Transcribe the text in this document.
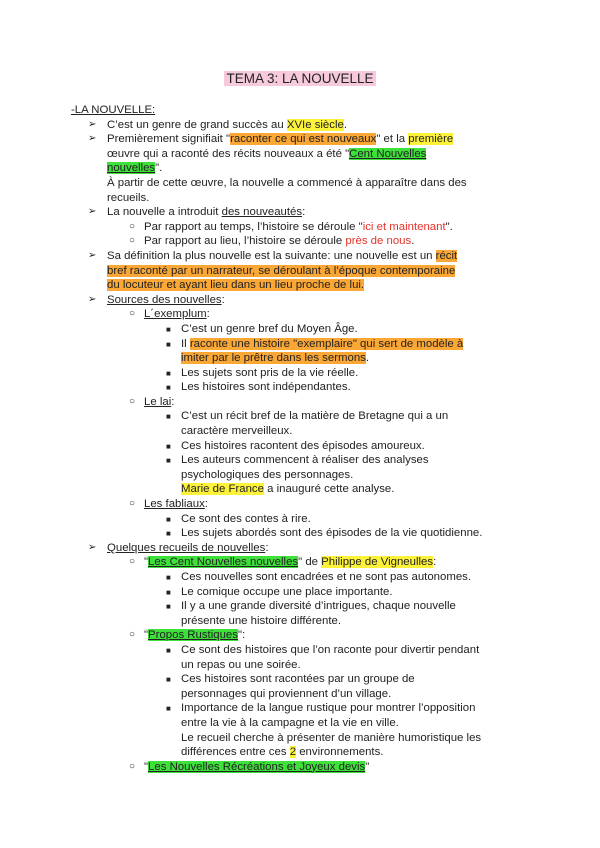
TEMA 3: LA NOUVELLE
-LA NOUVELLE:
➢ C’est un genre de grand succès au XVIe siècle.
➢ Premièrement signifiait "raconter ce qui est nouveaux" et la première
œuvre qui a raconté des récits nouveaux a été "Cent Nouvelles
nouvelles".
À partir de cette œuvre, la nouvelle a commencé à apparaître dans des
recueils.
➢ La nouvelle a introduit des nouveautés:
○ Par rapport au temps, l’histoire se déroule "ici et maintenant".
○ Par rapport au lieu, l’histoire se déroule près de nous.
➢ Sa définition la plus nouvelle est la suivante: une nouvelle est un récit
bref raconté par un narrateur, se déroulant à l’époque contemporaine
du locuteur et ayant lieu dans un lieu proche de lui.
➢ Sources des nouvelles:
○ L´exemplum:
■ C’est un genre bref du Moyen Âge.
■ Il raconte une histoire "exemplaire" qui sert de modèle à
imiter par le prêtre dans les sermons.
■ Les sujets sont pris de la vie réelle.
■ Les histoires sont indépendantes.
○ Le lai:
■ C’est un récit bref de la matière de Bretagne qui a un
caractère merveilleux.
■ Ces histoires racontent des épisodes amoureux.
■ Les auteurs commencent à réaliser des analyses
psychologiques des personnages.
Marie de France a inauguré cette analyse.
○ Les fabliaux:
■ Ce sont des contes à rire.
■ Les sujets abordés sont des épisodes de la vie quotidienne.
➢ Quelques recueils de nouvelles:
○ "Les Cent Nouvelles nouvelles" de Philippe de Vigneulles:
■ Ces nouvelles sont encadrées et ne sont pas autonomes.
■ Le comique occupe une place importante.
■ Il y a une grande diversité d’intrigues, chaque nouvelle
présente une histoire différente.
○ "Propos Rustiques":
■ Ce sont des histoires que l’on raconte pour divertir pendant
un repas ou une soirée.
■ Ces histoires sont racontées par un groupe de
personnages qui proviennent d’un village.
■ Importance de la langue rustique pour montrer l’opposition
entre la vie à la campagne et la vie en ville.
Le recueil cherche à présenter de manière humoristique les
différences entre ces 2 environnements.
○ "Les Nouvelles Récréations et Joyeux devis"
